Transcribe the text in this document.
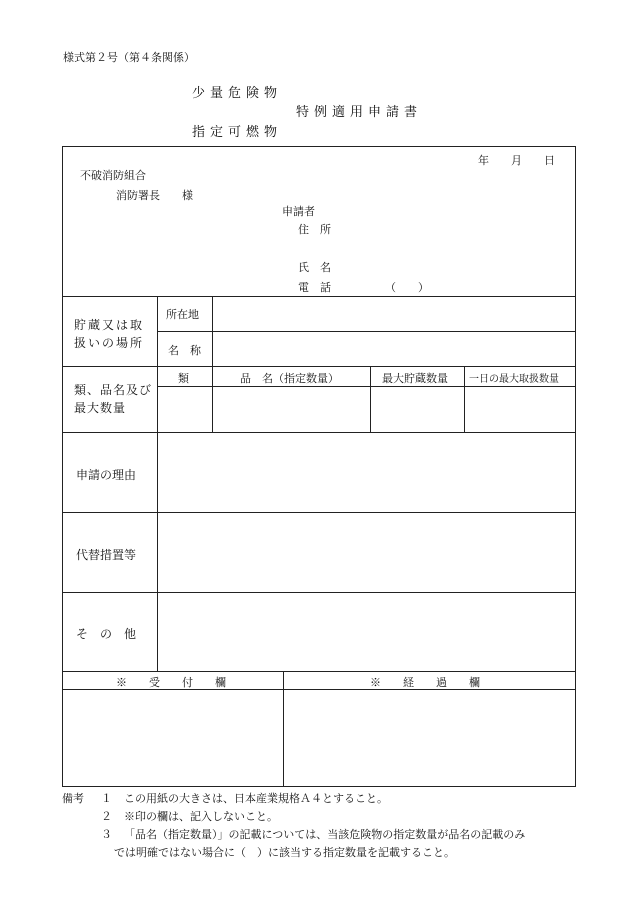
様式第２号（第４条関係）
少量危険物
特例適用申請書
指定可燃物
年　　月　　日
不破消防組合
消防署長　　様
申請者
住　所
氏　名
電　話	（　　）
貯蔵又は取扱いの場所
所在地
名　称
類、品名及び最大数量
類	品　名（指定数量）	最大貯蔵数量 一日の最大取扱数量
申請の理由
代替措置等
そ　の　他
※　　受　　付　　欄	※　　経　　過　　欄
備考 １ この用紙の大きさは、日本産業規格Ａ４とすること。
２ ※印の欄は、記入しないこと。
３ 「品名（指定数量）」の記載については、当該危険物の指定数量が品名の記載のみ
では明確ではない場合に（　）に該当する指定数量を記載すること。
